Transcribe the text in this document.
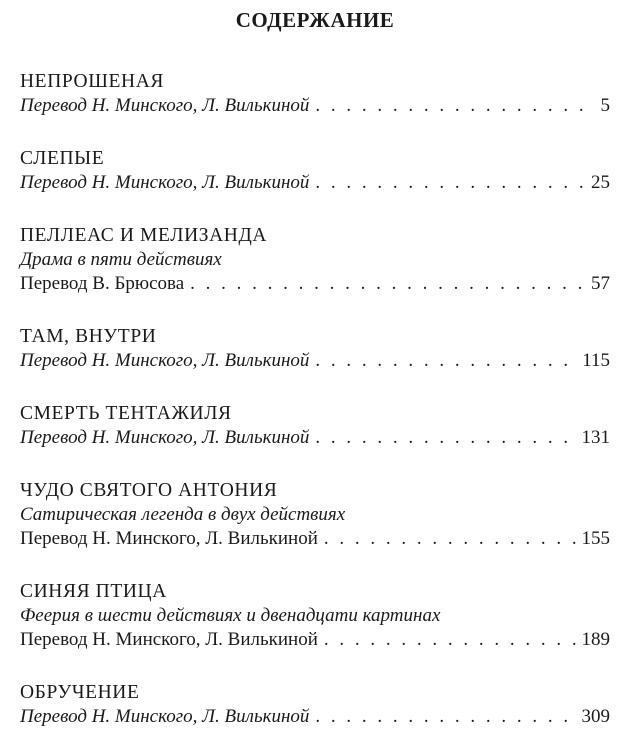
СОДЕРЖАНИЕ
НЕПРОШЕНАЯ
Перевод Н. Минского, Л. Вилькиной . . .	5
СЛЕПЫЕ
Перевод Н. Минского, Л. Вилькиной . . .	25
ПЕЛЛЕАС И МЕЛИЗАНДА
Драма в пяти действиях
Перевод В. Брюсова . . .	57
ТАМ, ВНУТРИ
Перевод Н. Минского, Л. Вилькиной . . .	115
СМЕРТЬ ТЕНТАЖИЛЯ
Перевод Н. Минского, Л. Вилькиной . . .	131
ЧУДО СВЯТОГО АНТОНИЯ
Сатирическая легенда в двух действиях
Перевод Н. Минского, Л. Вилькиной . . .	155
СИНЯЯ ПТИЦА
Феерия в шести действиях и двенадцати картинах
Перевод Н. Минского, Л. Вилькиной . . .	189
ОБРУЧЕНИЕ
Перевод Н. Минского, Л. Вилькиной . . .	309
